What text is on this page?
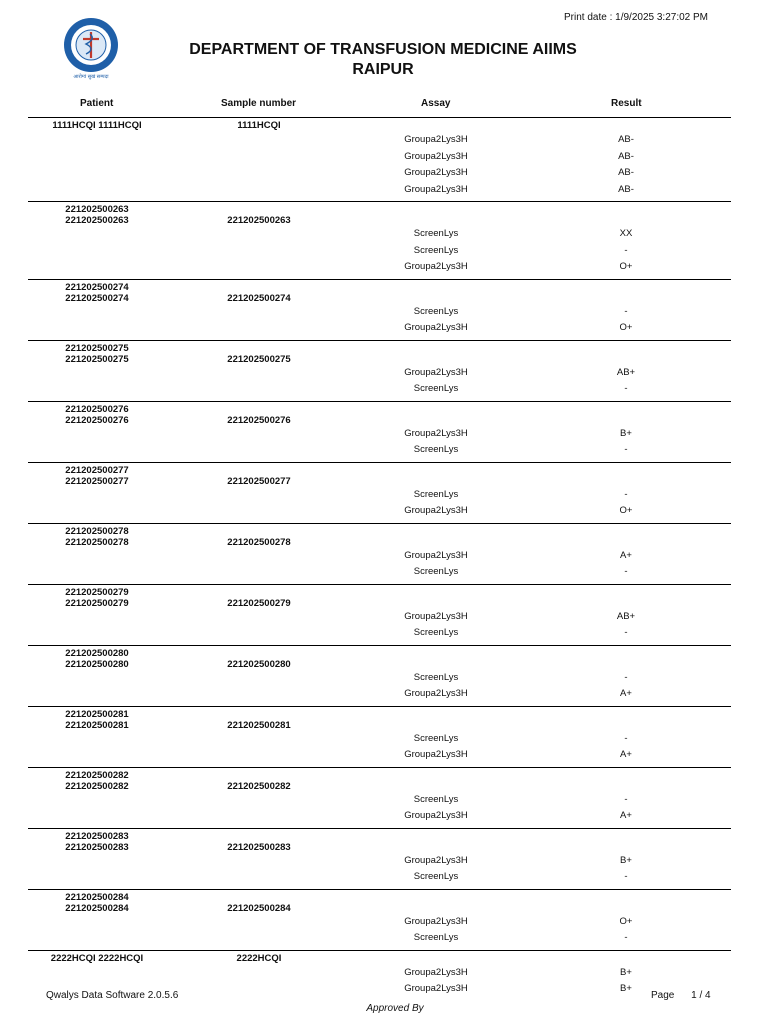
Print date : 1/9/2025 3:27:02 PM
आरोग्यं सुखं सम्पदा
DEPARTMENT OF TRANSFUSION MEDICINE AIIMS
RAIPUR
Patient	Sample number	Assay	Result
1111HCQI 1111HCQI	1111HCQI
Groupa2Lys3H	AB-
Groupa2Lys3H	AB-
Groupa2Lys3H	AB-
Groupa2Lys3H	AB-
221202500263
221202500263	221202500263
ScreenLys	XX
ScreenLys	-
Groupa2Lys3H	O+
221202500274
221202500274	221202500274
ScreenLys	-
Groupa2Lys3H	O+
221202500275
221202500275	221202500275
Groupa2Lys3H	AB+
ScreenLys	-
221202500276
221202500276	221202500276
Groupa2Lys3H	B+
ScreenLys	-
221202500277
221202500277	221202500277
ScreenLys	-
Groupa2Lys3H	O+
221202500278
221202500278	221202500278
Groupa2Lys3H	A+
ScreenLys	-
221202500279
221202500279	221202500279
Groupa2Lys3H	AB+
ScreenLys	-
221202500280
221202500280	221202500280
ScreenLys	-
Groupa2Lys3H	A+
221202500281
221202500281	221202500281
ScreenLys	-
Groupa2Lys3H	A+
221202500282
221202500282	221202500282
ScreenLys	-
Groupa2Lys3H	A+
221202500283
221202500283	221202500283
Groupa2Lys3H	B+
ScreenLys	-
221202500284
221202500284	221202500284
Groupa2Lys3H	O+
ScreenLys	-
2222HCQI 2222HCQI	2222HCQI
Groupa2Lys3H	B+
Groupa2Lys3H	B+
Qwalys Data Software 2.0.5.6	Page 1 / 4
Approved By
